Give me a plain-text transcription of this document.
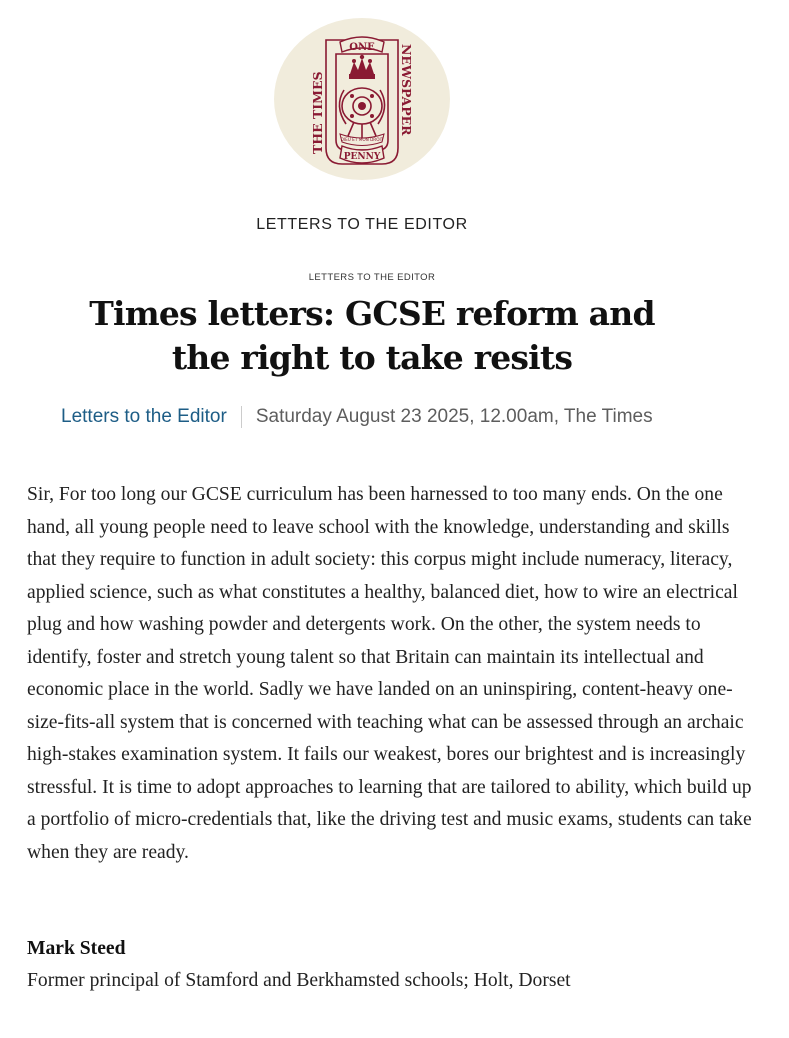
ONE
PENNY
THE TIMES	NEWSPAPER
DIEU ET MON DROIT
LETTERS TO THE EDITOR
LETTERS TO THE EDITOR
Times letters: GCSE reform and the right to take resits
Letters to the Editor Saturday August 23 2025, 12.00am, The Times

Sir, For too long our GCSE curriculum has been harnessed to too many ends. On the one hand, all young people need to leave school with the knowledge, understanding and skills that they require to function in adult society: this corpus might include numeracy, literacy, applied science, such as what constitutes a healthy, balanced diet, how to wire an electrical plug and how washing powder and detergents work. On the other, the system needs to identify, foster and stretch young talent so that Britain can maintain its intellectual and economic place in the world. Sadly we have landed on an uninspiring, content-heavy one-size-fits-all system that is concerned with teaching what can be assessed through an archaic high-stakes examination system. It fails our weakest, bores our brightest and is increasingly stressful. It is time to adopt approaches to learning that are tailored to ability, which build up a portfolio of micro-credentials that, like the driving test and music exams, students can take when they are ready.

Mark Steed
Former principal of Stamford and Berkhamsted schools; Holt, Dorset
